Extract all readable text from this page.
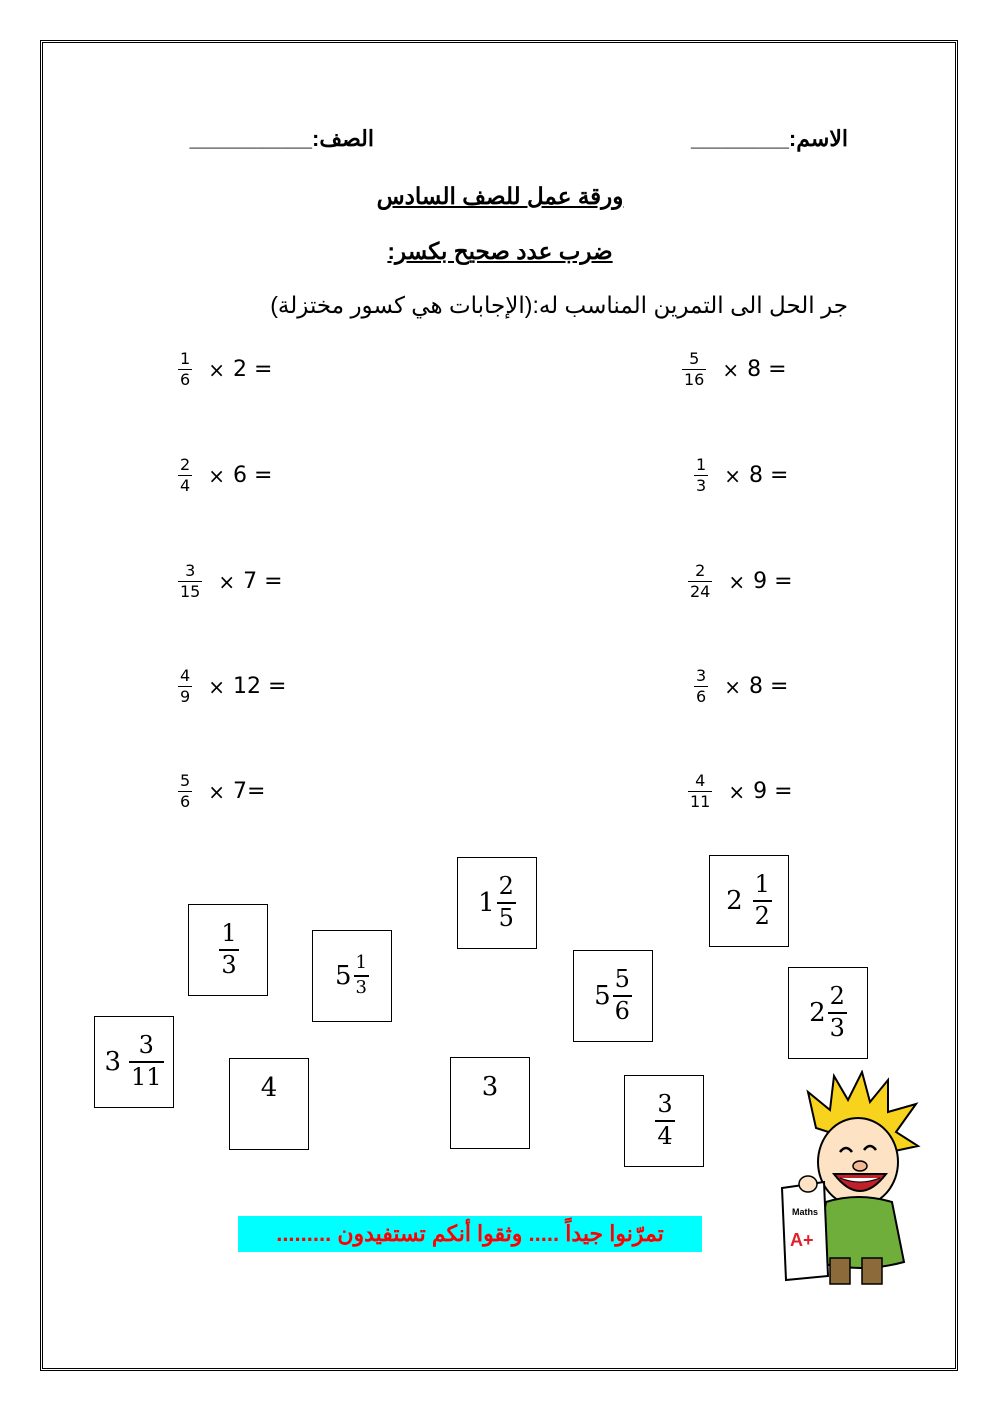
الاسم:________
الصف:__________
ورقة عمل للصف السادس
ضرب عدد صحيح بكسر:
جر الحل الى التمرين المناسب له:(الإجابات هي كسور مختزلة)
$\frac{1}{6} \times 2$ =
$\frac{2}{4} \times 6$ =
$\frac{3}{15} \times 7$ =
$\frac{4}{9} \times 12$ =
$\frac{5}{6} \times 7=$
$\frac{5}{16} \times 8$ =
$\frac{1}{3} \times 8$ =
$\frac{2}{24} \times 9$ =
$\frac{3}{6} \times 8$ =
$\frac{4}{11} \times 9$ =
$\frac{1}{3}$	$5 \frac{1}{3}$
$1 \frac{2}{5}$
$5 \frac{5}{6}$
$2 \frac{1}{2}$
$2 \frac{2}{3}$
$3 \frac{3}{11}$	4	3
$\frac{3}{4}$
تمرّنوا جيداً ..... وثقوا أنكم تستفيدون .........
Maths
A+
